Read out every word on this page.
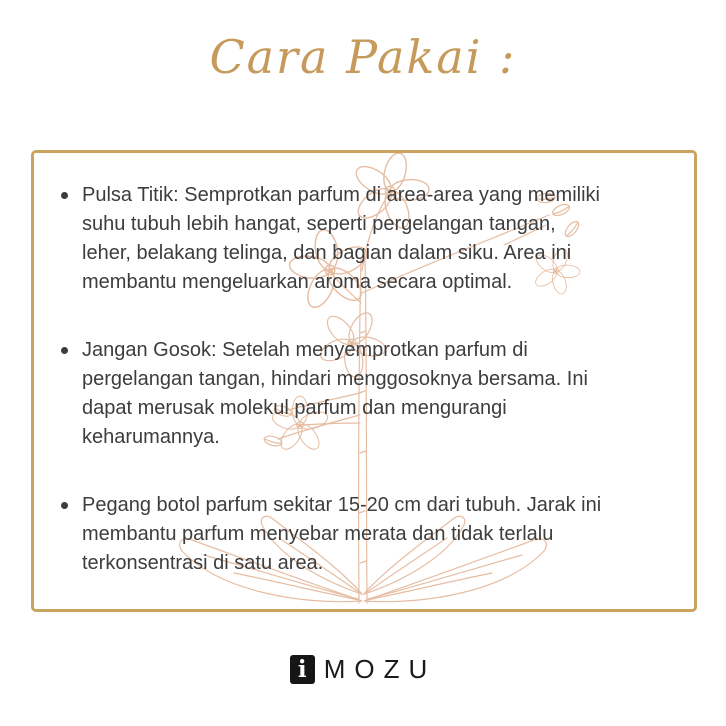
Cara Pakai :
Pulsa Titik: Semprotkan parfum di area-area yang memiliki
suhu tubuh lebih hangat, seperti pergelangan tangan,
leher, belakang telinga, dan bagian dalam siku. Area ini
membantu mengeluarkan aroma secara optimal.
Jangan Gosok: Setelah menyemprotkan parfum di
pergelangan tangan, hindari menggosoknya bersama. Ini
dapat merusak molekul parfum dan mengurangi
keharumannya.
Pegang botol parfum sekitar 15-20 cm dari tubuh. Jarak ini
membantu parfum menyebar merata dan tidak terlalu
terkonsentrasi di satu area.
i MOZU
